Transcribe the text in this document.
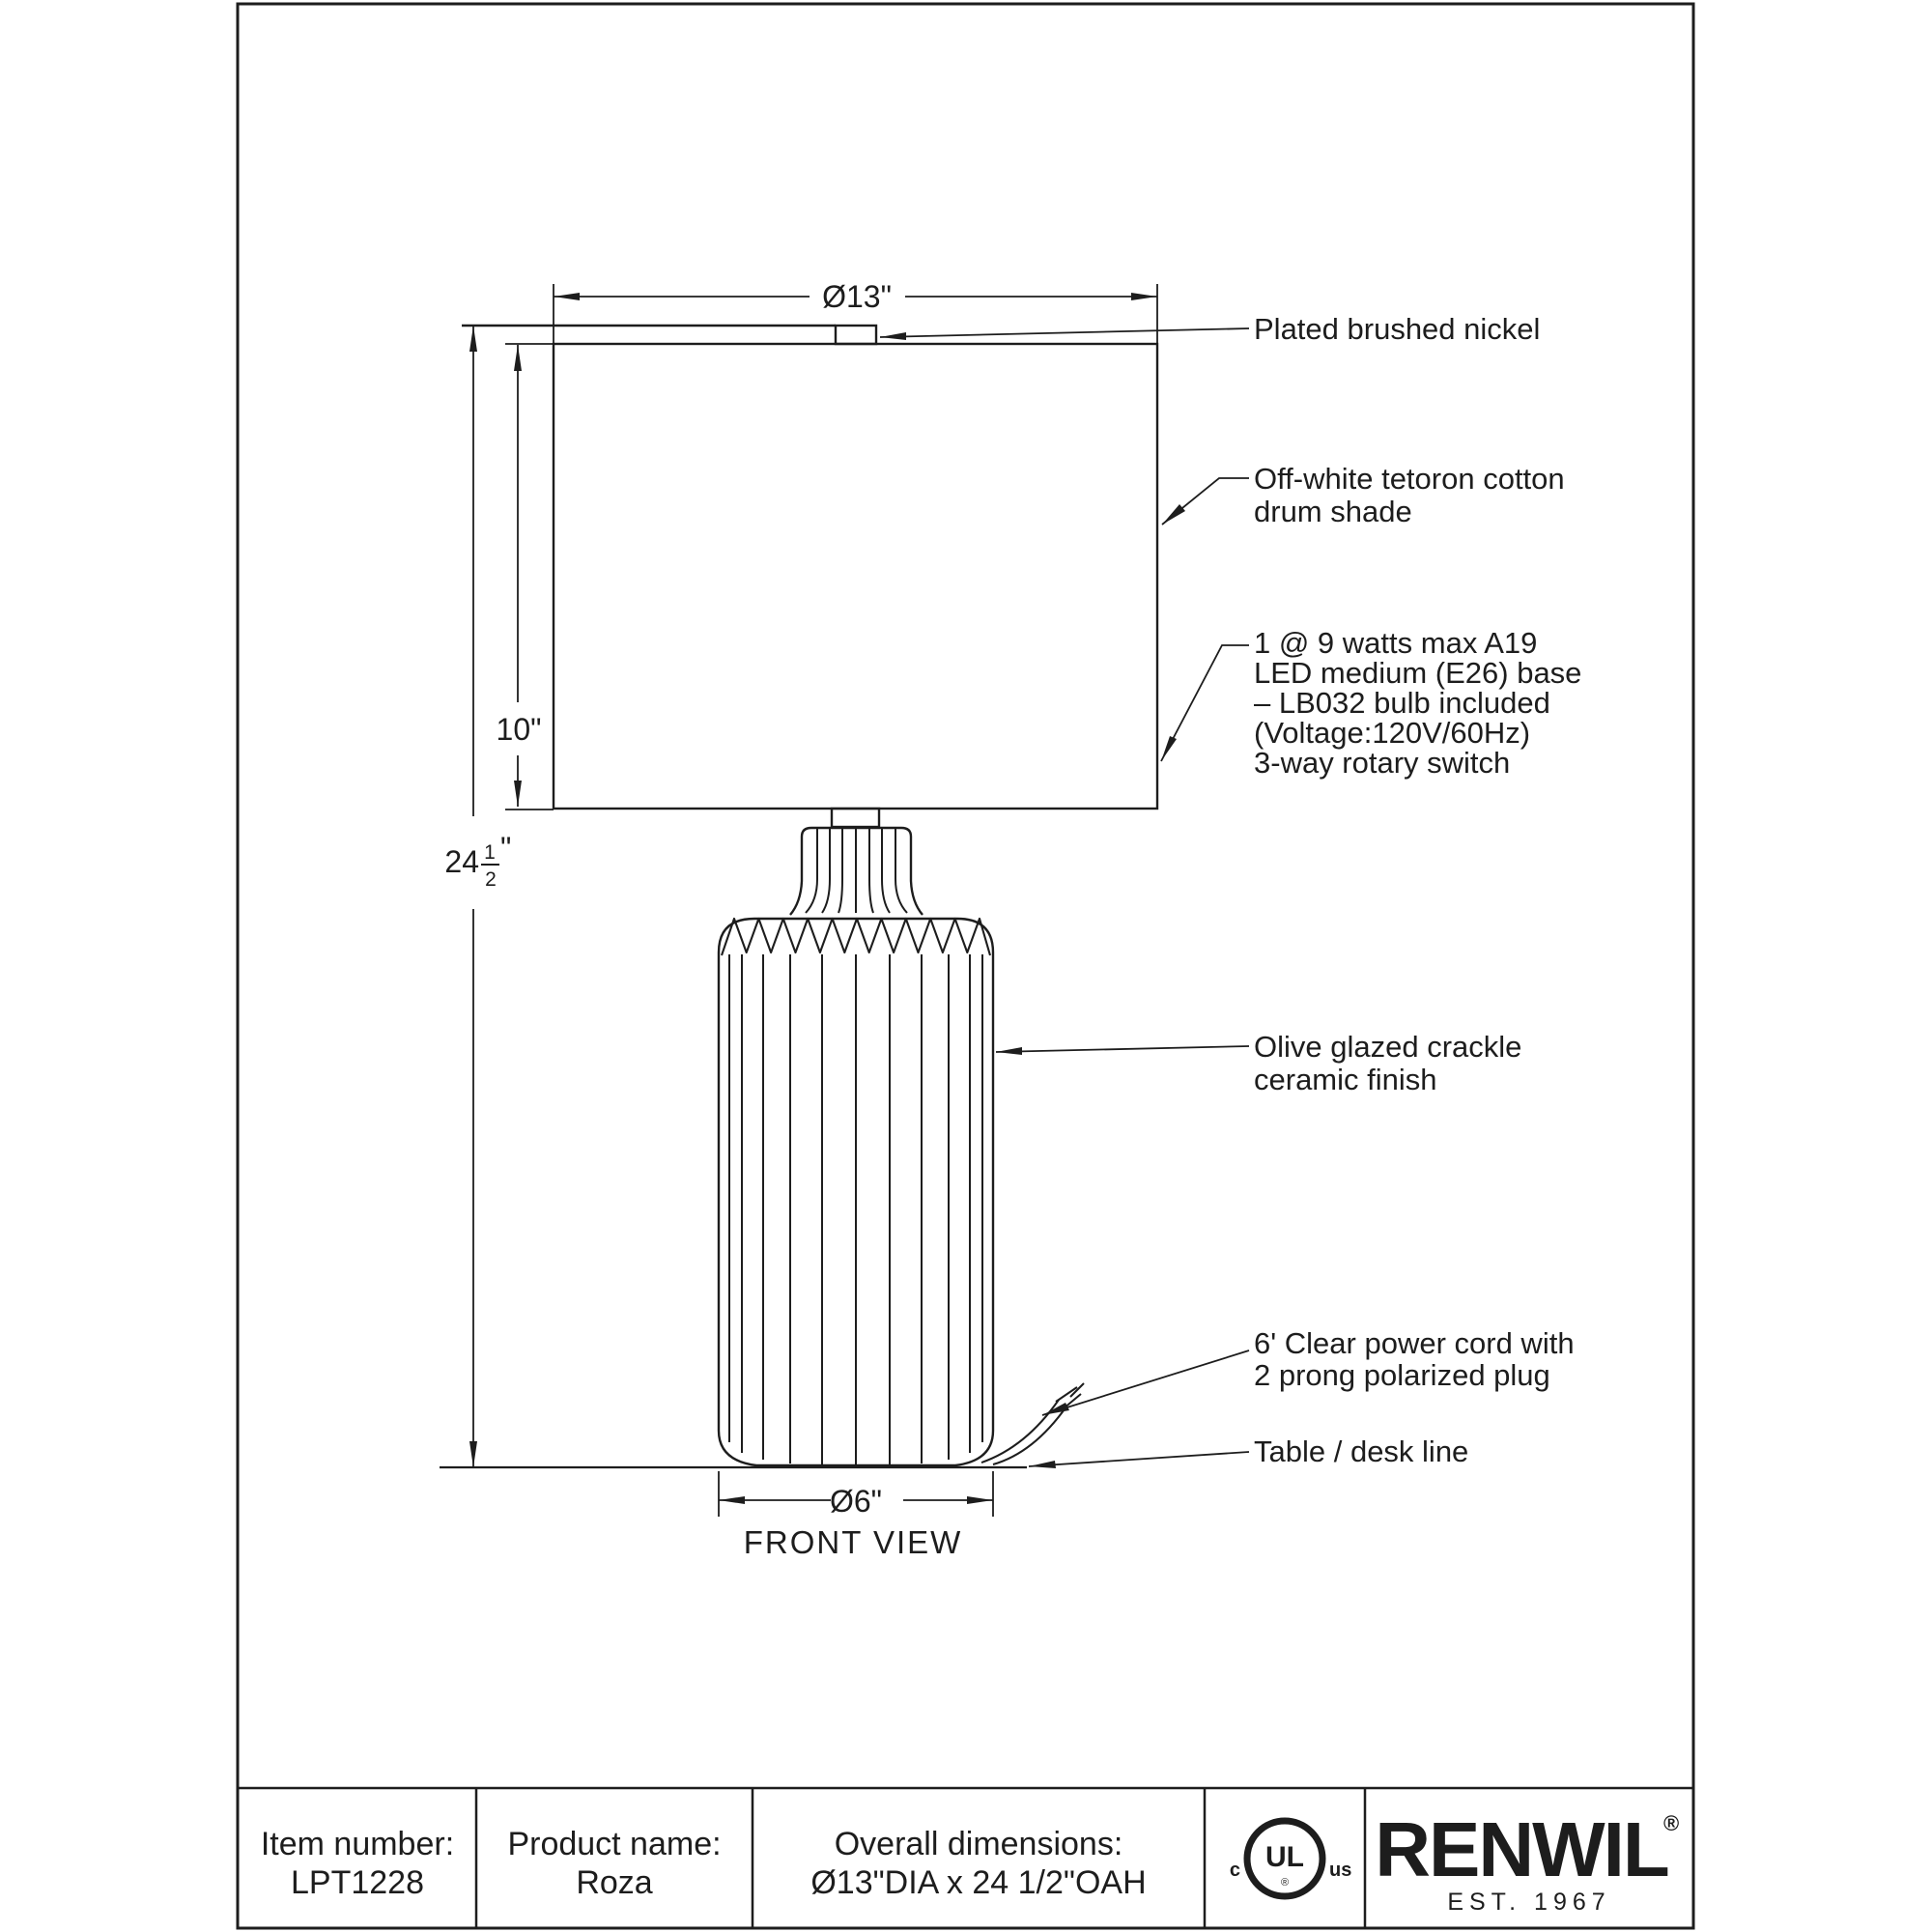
Ø13"
10"
24 1
2
"
Ø6"
Plated brushed nickel
Off-white tetoron cotton
drum shade
1 @ 9 watts max A19
LED medium (E26) base
– LB032 bulb included
(Voltage:120V/60Hz)
3-way rotary switch
Olive glazed crackle
ceramic finish
6' Clear power cord with
2 prong polarized plug
Table / desk line
FRONT VIEW
Item number:
LPT1228
Product name:
Roza
Overall dimensions:
Ø13"DIA x 24 1/2"OAH
UL
®
c	us RENWIL
®
EST. 1967
